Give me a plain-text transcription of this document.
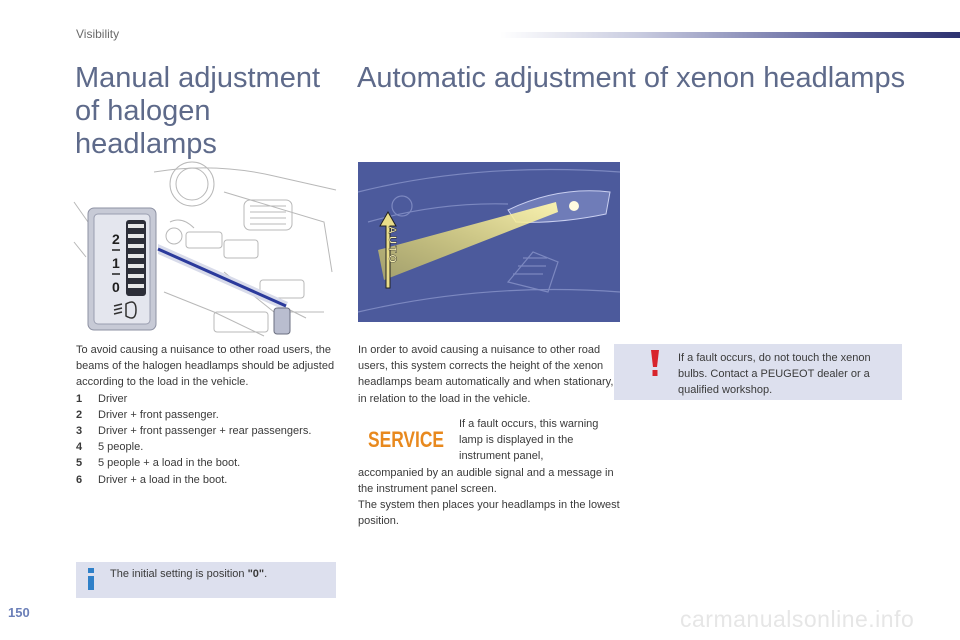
Visibility
Manual adjustment of halogen headlamps
Automatic adjustment of xenon headlamps
2
1
0
AUTO

To avoid causing a nuisance to other road users, the beams of the halogen headlamps should be adjusted according to the load in the vehicle.

1	Driver
2	Driver + front passenger.
3	Driver + front passenger + rear passengers.
4	5 people.
5	5 people + a load in the boot.
6	Driver + a load in the boot.
The initial setting is position "0".

In order to avoid causing a nuisance to other road users, this system corrects the height of the xenon headlamps beam automatically and when stationary, in relation to the load in the vehicle.

SERVICE

If a fault occurs, this warning lamp is displayed in the instrument panel,

accompanied by an audible signal and a message in the instrument panel screen.

The system then places your headlamps in the lowest position.

If a fault occurs, do not touch the xenon bulbs. Contact a PEUGEOT dealer or a qualified workshop.

150	carmanualsonline.info
